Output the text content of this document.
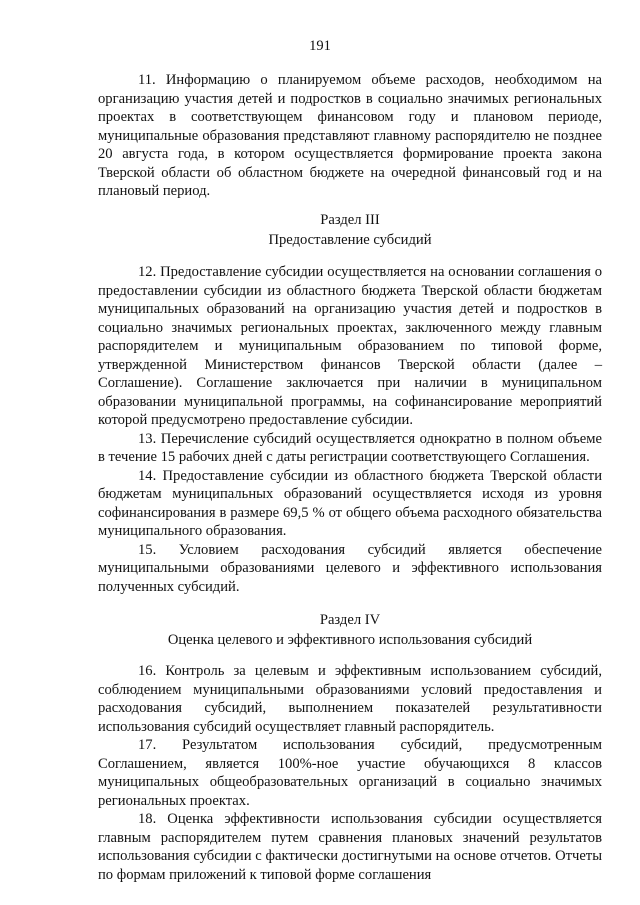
191

11. Информацию о планируемом объеме расходов, необходимом на организацию участия детей и подростков в социально значимых региональных проектах в соответствующем финансовом году и плановом периоде, муниципальные образования представляют главному распорядителю не позднее 20 августа года, в котором осуществляется формирование проекта закона Тверской области об областном бюджете на очередной финансовый год и на плановый период.

Раздел III
Предоставление субсидий

12. Предоставление субсидии осуществляется на основании соглашения о предоставлении субсидии из областного бюджета Тверской области бюджетам муниципальных образований на организацию участия детей и подростков в социально значимых региональных проектах, заключенного между главным распорядителем и муниципальным образованием по типовой форме, утвержденной Министерством финансов Тверской области (далее – Соглашение). Соглашение заключается при наличии в муниципальном образовании муниципальной программы, на софинансирование мероприятий которой предусмотрено предоставление субсидии.

13. Перечисление субсидий осуществляется однократно в полном объеме в течение 15 рабочих дней с даты регистрации соответствующего Соглашения.

14. Предоставление субсидии из областного бюджета Тверской области бюджетам муниципальных образований осуществляется исходя из уровня софинансирования в размере 69,5 % от общего объема расходного обязательства муниципального образования.

15. Условием расходования субсидий является обеспечение муниципальными образованиями целевого и эффективного использования полученных субсидий.

Раздел IV
Оценка целевого и эффективного использования субсидий

16. Контроль за целевым и эффективным использованием субсидий, соблюдением муниципальными образованиями условий предоставления и расходования субсидий, выполнением показателей результативности использования субсидий осуществляет главный распорядитель.

17. Результатом использования субсидий, предусмотренным Соглашением, является 100%-ное участие обучающихся 8 классов муниципальных общеобразовательных организаций в социально значимых региональных проектах.

18. Оценка эффективности использования субсидии осуществляется главным распорядителем путем сравнения плановых значений результатов использования субсидии с фактически достигнутыми на основе отчетов. Отчеты по формам приложений к типовой форме соглашения
